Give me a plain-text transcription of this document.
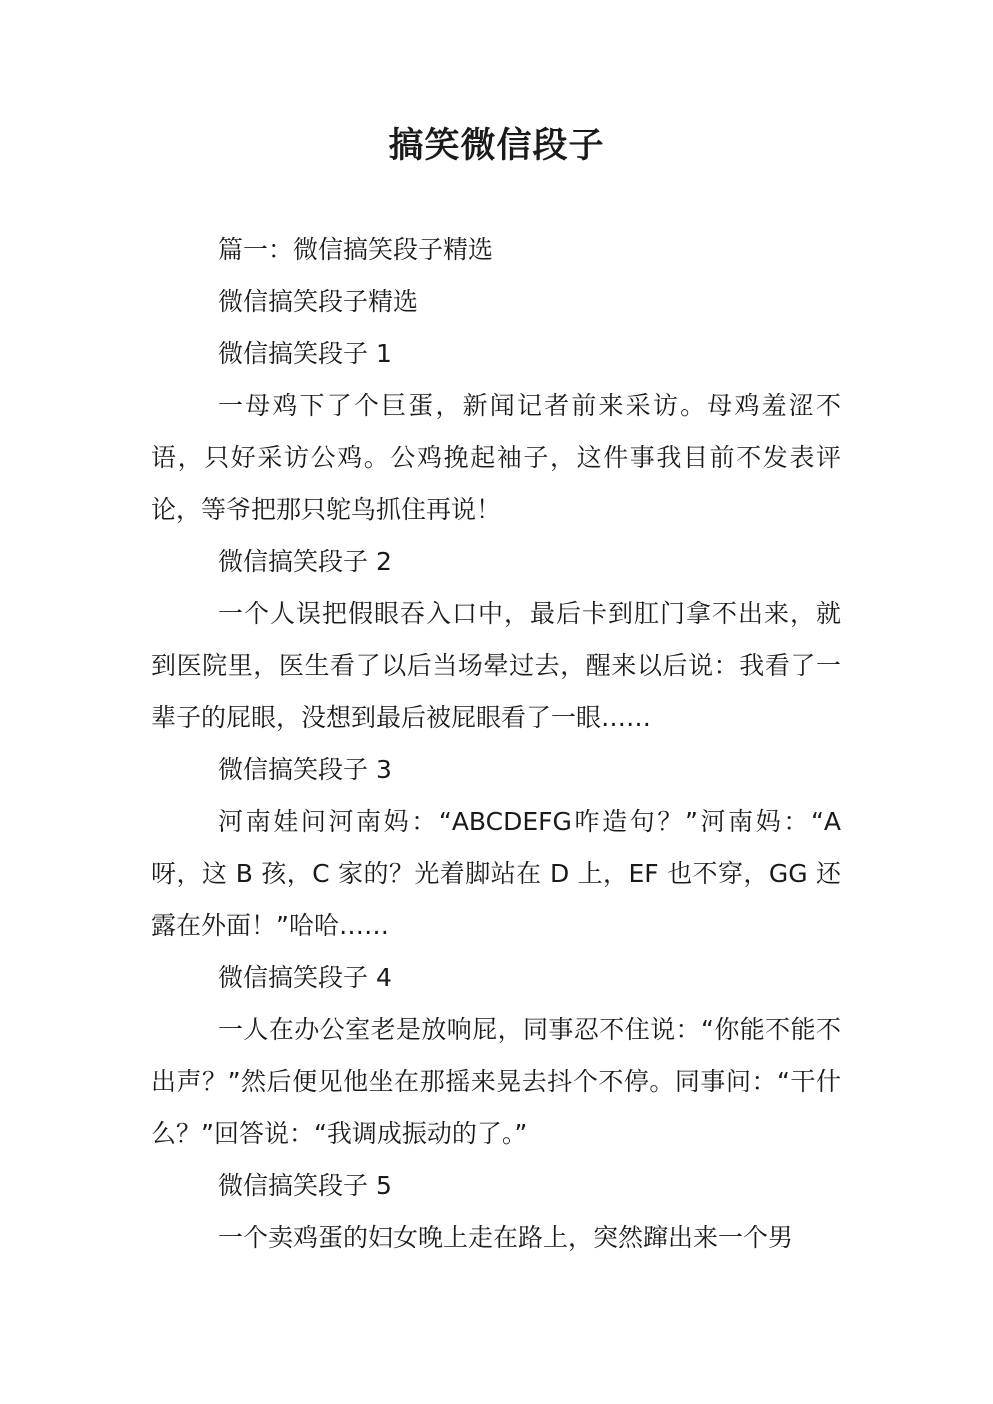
搞笑微信段子

篇一：微信搞笑段子精选

微信搞笑段子精选

微信搞笑段子 1

一母鸡下了个巨蛋，新闻记者前来采访。母鸡羞涩不语，只好采访公鸡。公鸡挽起袖子，这件事我目前不发表评论，等爷把那只鸵鸟抓住再说！

微信搞笑段子 2

一个人误把假眼吞入口中，最后卡到肛门拿不出来，就到医院里，医生看了以后当场晕过去，醒来以后说：我看了一辈子的屁眼，没想到最后被屁眼看了一眼……

微信搞笑段子 3

河南娃问河南妈：“ABCDEFG咋造句？”河南妈：“A 呀，这 B 孩，C 家的？光着脚站在 D 上，EF 也不穿，GG 还露在外面！”哈哈……

微信搞笑段子 4

一人在办公室老是放响屁，同事忍不住说：“你能不能不出声？”然后便见他坐在那摇来晃去抖个不停。同事问：“干什么？”回答说：“我调成振动的了。”

微信搞笑段子 5

一个卖鸡蛋的妇女晚上走在路上，突然蹿出来一个男
